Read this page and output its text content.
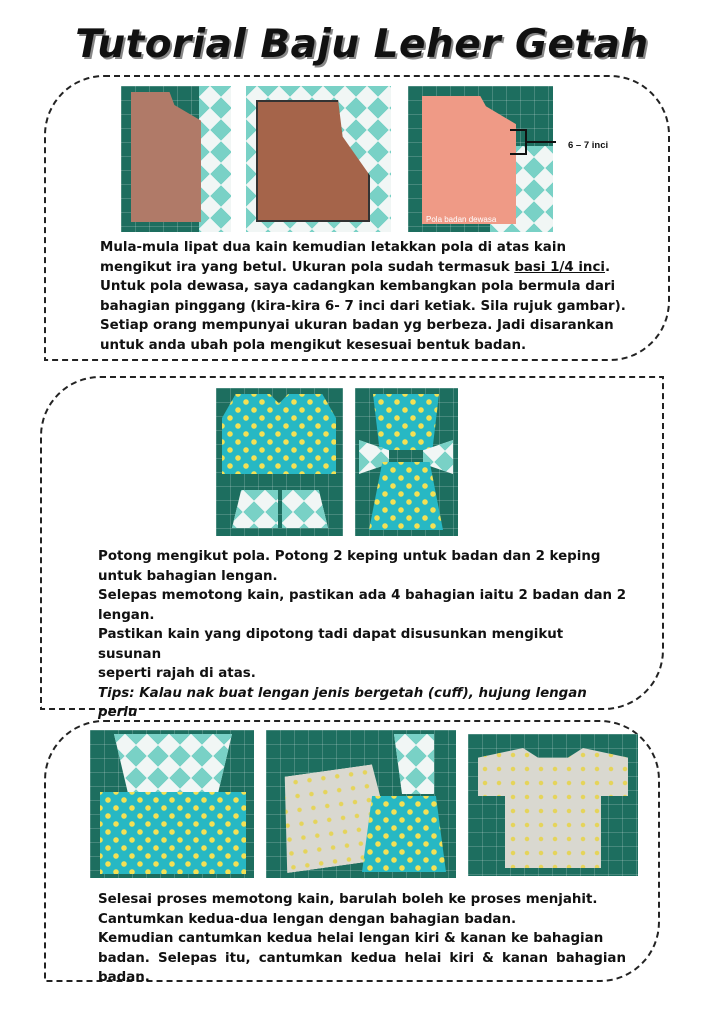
Tutorial Baju Leher Getah
Pola badan dewasa
6 – 7 inci

Mula-mula lipat dua kain kemudian letakkan pola di atas kain

mengikut ira yang betul. Ukuran pola sudah termasuk basi 1/4 inci.

Untuk pola dewasa, saya cadangkan kembangkan pola bermula dari

bahagian pinggang (kira-kira 6- 7 inci dari ketiak. Sila rujuk gambar).

Setiap orang mempunyai ukuran badan yg berbeza. Jadi disarankan

untuk anda ubah pola mengikut kesesuai bentuk badan.

Potong mengikut pola. Potong 2 keping untuk badan dan 2 keping

untuk bahagian lengan.

Selepas memotong kain, pastikan ada 4 bahagian iaitu 2 badan dan 2

lengan.

Pastikan kain yang dipotong tadi dapat disusunkan mengikut susunan

seperti rajah di atas.

Tips: Kalau nak buat lengan jenis bergetah (cuff), hujung lengan perlu

Selesai proses memotong kain, barulah boleh ke proses menjahit.

Cantumkan kedua-dua lengan dengan bahagian badan.

Kemudian cantumkan kedua helai lengan kiri & kanan ke bahagian

badan. Selepas itu, cantumkan kedua helai kiri & kanan bahagian badan.
